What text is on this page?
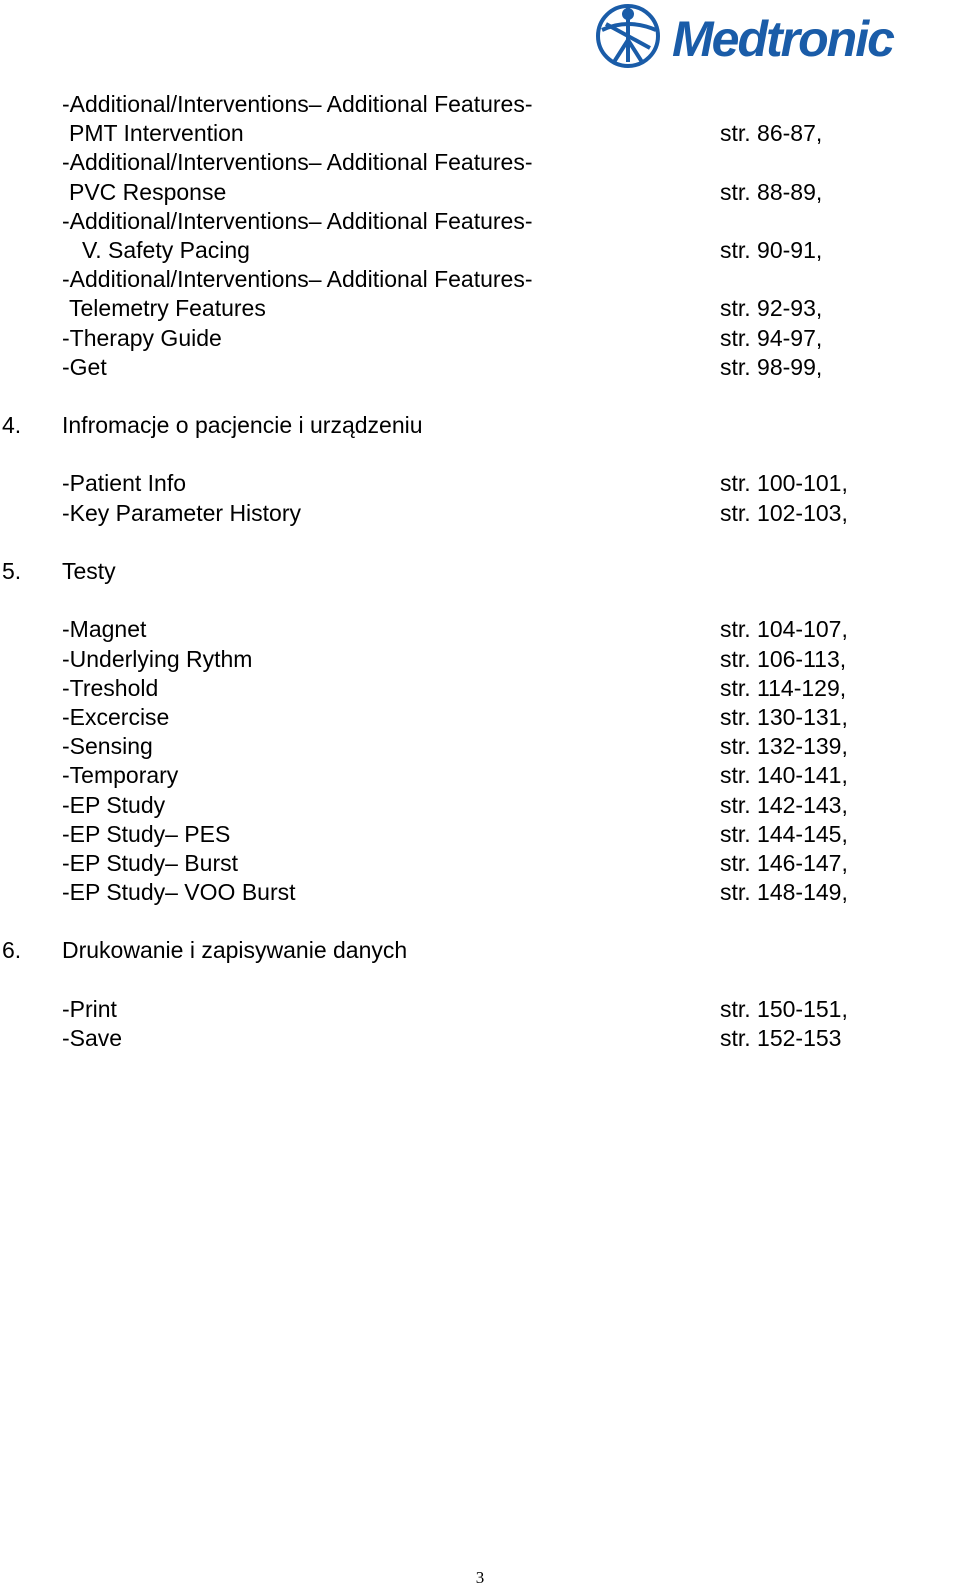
Medtronic
-Additional/Interventions– Additional Features-
PMT Intervention	str. 86-87,
-Additional/Interventions– Additional Features-
PVC Response	str. 88-89,
-Additional/Interventions– Additional Features-
V. Safety Pacing	str. 90-91,
-Additional/Interventions– Additional Features-
Telemetry Features	str. 92-93,
-Therapy Guide	str. 94-97,
-Get	str. 98-99,
4. Infromacje o pacjencie i urządzeniu
-Patient Info	str. 100-101,
-Key Parameter History	str. 102-103,
5. Testy
-Magnet	str. 104-107,
-Underlying Rythm	str. 106-113,
-Treshold	str. 114-129,
-Excercise	str. 130-131,
-Sensing	str. 132-139,
-Temporary	str. 140-141,
-EP Study	str. 142-143,
-EP Study– PES	str. 144-145,
-EP Study– Burst	str. 146-147,
-EP Study– VOO Burst	str. 148-149,
6. Drukowanie i zapisywanie danych
-Print	str. 150-151,
-Save	str. 152-153
3
